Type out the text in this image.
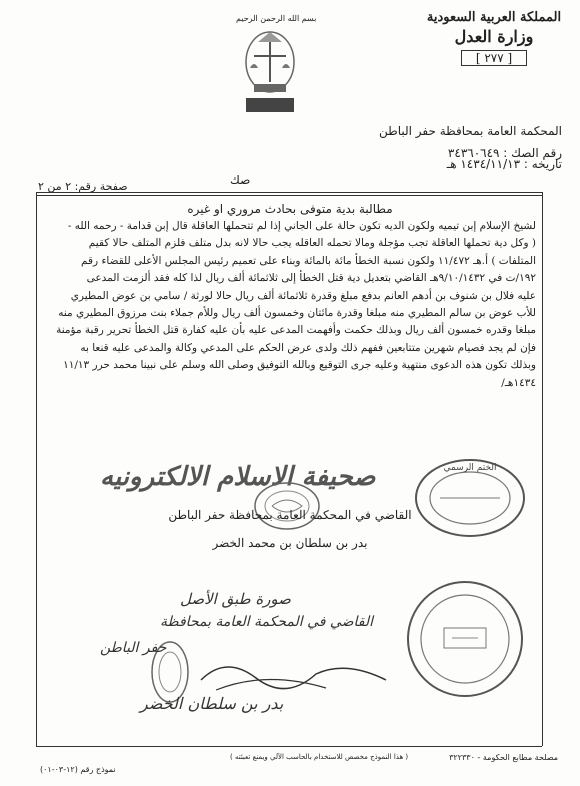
المملكة العربية السعودية
وزارة العدل
[ ٢٧٧ ]
بسم الله الرحمن الرحيم
المحكمة العامة بمحافظة حفر الباطن
رقم الصك : ٣٤٣٦٠٦٤٩
تاريخه : ١٤٣٤/١١/١٣ هـ
صك
صفحة رقم: ٢ من ٢
مطالبة بدية متوفى بحادث مروري او غيره

لشيخ الإسلام إبن تيميه ولكون الديه تكون حالة على الجاني إذا لم تتحملها العاقلة قال إبن قدامة - رحمه الله -

( وكل دية تحملها العاقلة تجب مؤجلة ومالا تحمله العاقله يجب حالا لانه بدل متلف فلزم المتلف حالا كقيم

المتلفات ) أ.هـ ١١/٤٧٢ ولكون نسبة الخطأ مائة بالمائة وبناء على تعميم رئيس المجلس الأعلى للقضاء رقم

١٩٢/ت في ٩/١٠/١٤٣٢هـ القاضي بتعديل دية قتل الخطأ إلى ثلاثمائة ألف ريال لذا كله فقد ألزمت المدعى

عليه فلال بن شنوف بن أدهم العانم بدفع مبلغ وقدرة ثلاثمائة ألف ريال حالا لورثة / سامي بن عوض المطيري

للأب عوض بن سالم المطيري منه مبلغا وقدرة مائتان وخمسون ألف ريال وللأم جملاء بنت مرزوق المطيري منه

مبلغا وقدره خمسون ألف ريال وبذلك حكمت وأفهمت المدعى عليه بأن عليه كفارة قتل الخطأ تحرير رقبة مؤمنة

فإن لم يجد فصيام شهرين متتابعين ففهم ذلك ولدى عرض الحكم على المدعي وكالة والمدعى عليه قنعا به

وبذلك تكون هذه الدعوى منتهية وعليه جرى التوقيع وبالله التوفيق وصلى الله وسلم على نبينا محمد حرر ١١/١٣

١٤٣٤هـ/

صحيفة الاسلام الالكترونيه	الختم الرسمي
القاضي في المحكمة العامة بمحافظة حفر الباطن
بدر بن سلطان بن محمد الخضر
صورة طبق الأصل
القاضي في المحكمة العامة بمحافظة
حفر الباطن
بدر بن سلطان الخضر
مصلحة مطابع الحكومة - ٣٢٢٣٣٠
( هذا النموذج مخصص للاستخدام بالحاسب الآلي ويمنع تعبئته )
نموذج رقم (١٢-٠٣-٠١)
